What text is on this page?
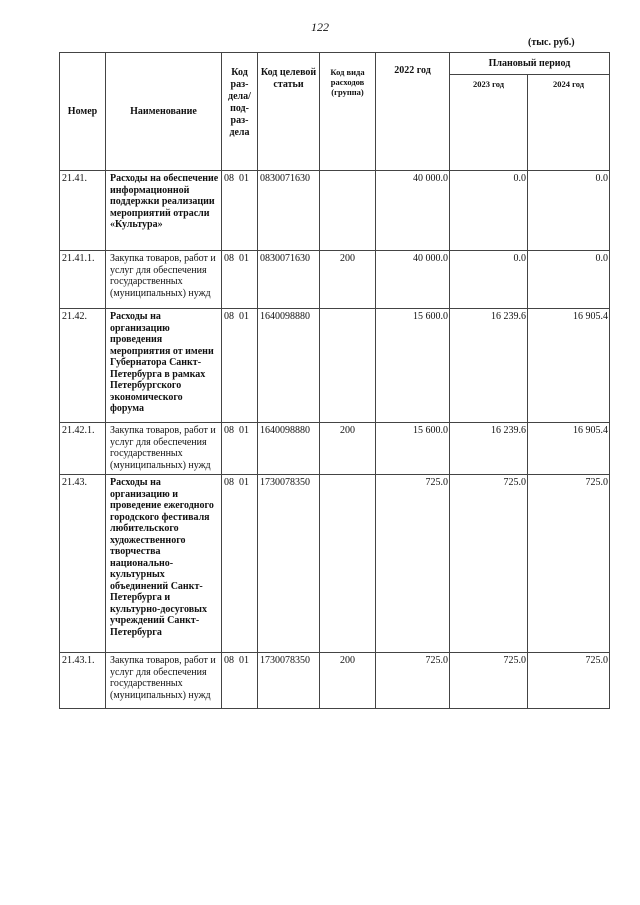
122
(тыс. руб.)
Номер	Наименование	Код раз-дела/ под-раз-дела	Код целевой статьи	Код вида расходов (группа)	2022 год	Плановый период	
						2023 год	2024 год
21.41.	Расходы на обеспечение информационной поддержки реализации мероприятий отрасли «Культура»	08 01	0830071630		40 000.0	0.0	0.0
21.41.1.	Закупка товаров, работ и услуг для обеспечения государственных (муниципальных) нужд	08 01	0830071630	200	40 000.0	0.0	0.0
21.42.	Расходы на организацию проведения мероприятия от имени Губернатора Санкт-Петербурга в рамках Петербургского экономического форума	08 01	1640098880		15 600.0	16 239.6	16 905.4
21.42.1.	Закупка товаров, работ и услуг для обеспечения государственных (муниципальных) нужд	08 01	1640098880	200	15 600.0	16 239.6	16 905.4
21.43.	Расходы на организацию и проведение ежегодного городского фестиваля любительского художественного творчества национально-культурных объединений Санкт-Петербурга и культурно-досуговых учреждений Санкт-Петербурга	08 01	1730078350		725.0	725.0	725.0
21.43.1.	Закупка товаров, работ и услуг для обеспечения государственных (муниципальных) нужд	08 01	1730078350	200	725.0	725.0	725.0
